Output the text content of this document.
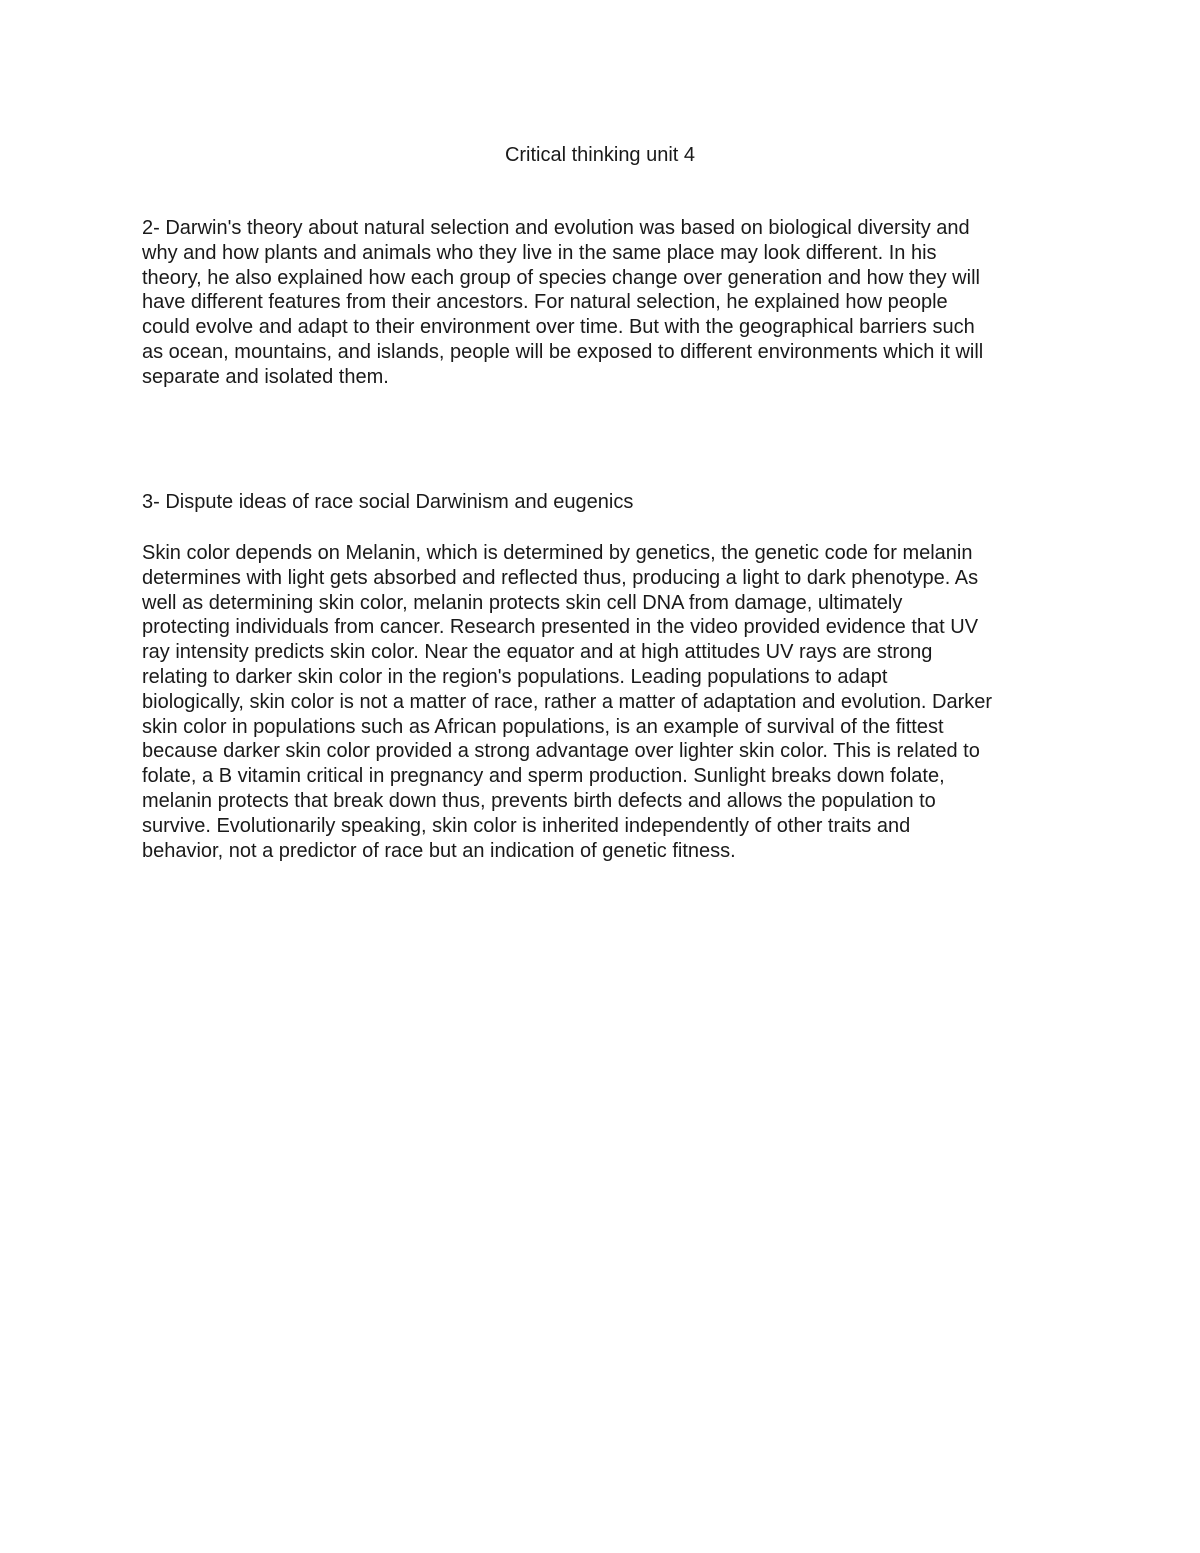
Critical thinking unit 4
2- Darwin's theory about natural selection and evolution was based on biological diversity and
why and how plants and animals who they live in the same place may look different. In his
theory, he also explained how each group of species change over generation and how they will
have different features from their ancestors. For natural selection, he explained how people
could evolve and adapt to their environment over time. But with the geographical barriers such
as ocean, mountains, and islands, people will be exposed to different environments which it will
separate and isolated them.
3- Dispute ideas of race social Darwinism and eugenics
Skin color depends on Melanin, which is determined by genetics, the genetic code for melanin
determines with light gets absorbed and reflected thus, producing a light to dark phenotype. As
well as determining skin color, melanin protects skin cell DNA from damage, ultimately
protecting individuals from cancer. Research presented in the video provided evidence that UV
ray intensity predicts skin color. Near the equator and at high attitudes UV rays are strong
relating to darker skin color in the region's populations. Leading populations to adapt
biologically, skin color is not a matter of race, rather a matter of adaptation and evolution. Darker
skin color in populations such as African populations, is an example of survival of the fittest
because darker skin color provided a strong advantage over lighter skin color. This is related to
folate, a B vitamin critical in pregnancy and sperm production. Sunlight breaks down folate,
melanin protects that break down thus, prevents birth defects and allows the population to
survive. Evolutionarily speaking, skin color is inherited independently of other traits and
behavior, not a predictor of race but an indication of genetic fitness.
